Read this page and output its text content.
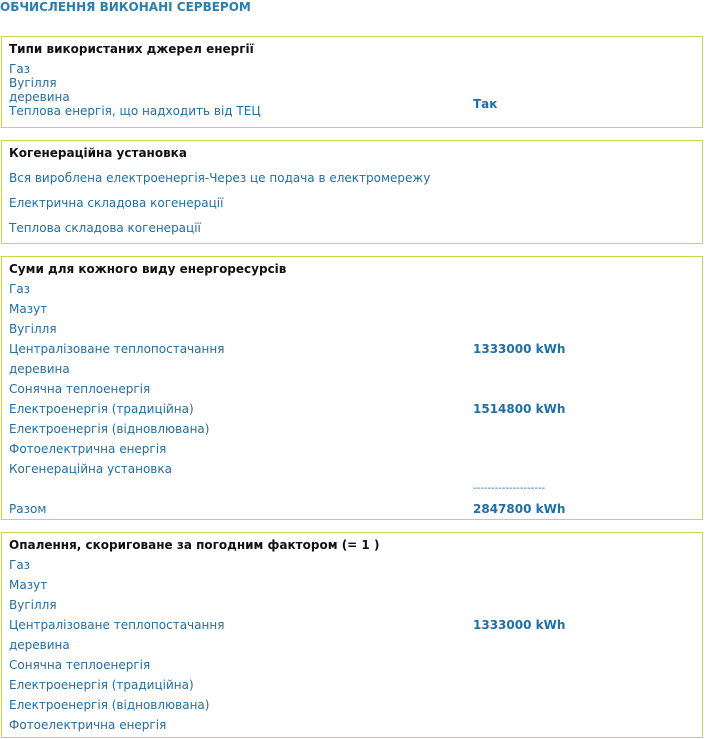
ОБЧИСЛЕННЯ ВИКОНАНІ СЕРВЕРОМ
Типи використаних джерел енергії
Газ
Вугілля
деревина
Теплова енергія, що надходить від ТЕЦ	Так
Когенераційна установка
Вся вироблена електроенергія-Через це подача в електромережу
Електрична складова когенерації
Теплова складова когенерації
Суми для кожного виду енергоресурсів
Газ
Мазут
Вугілля
Централізоване теплопостачання	1333000 kWh
деревина
Сонячна теплоенергія
Електроенергія (традиційна)	1514800 kWh
Електроенергія (відновлювана)
Фотоелектрична енергія
Когенераційна установка
--------------------
Разом	2847800 kWh
Опалення, скориговане за погодним фактором (= 1 )
Газ
Мазут
Вугілля
Централізоване теплопостачання	1333000 kWh
деревина
Сонячна теплоенергія
Електроенергія (традиційна)
Електроенергія (відновлювана)
Фотоелектрична енергія
